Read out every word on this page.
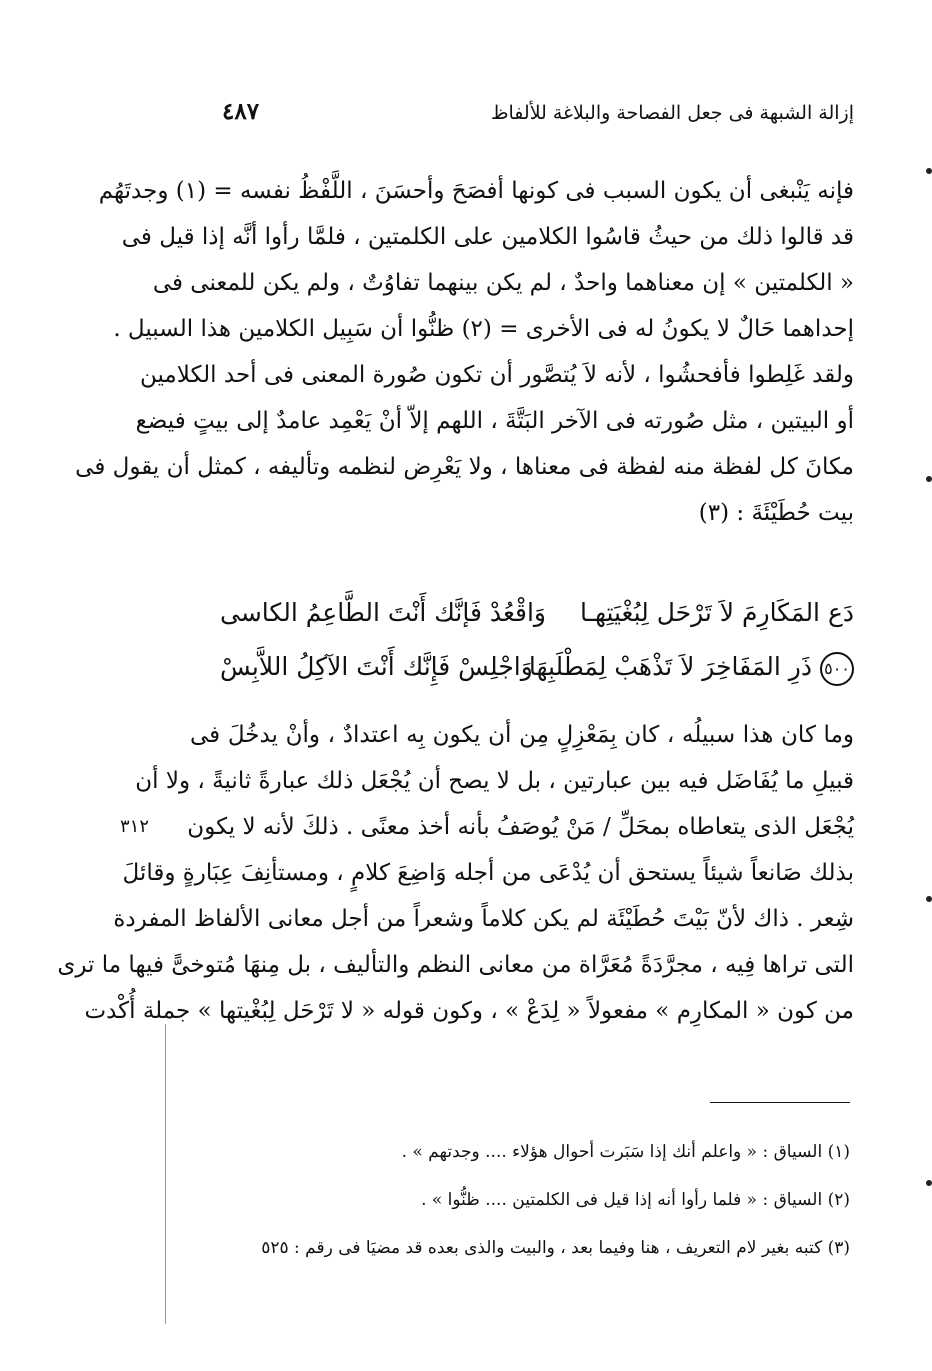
إزالة الشبهة فى جعل الفصاحة والبلاغة للألفاظ
٤٨٧
فإنه يَنْبغى أن يكون السبب فى كونها أفصَحَ وأحسَنَ ، اللَّفْظُ نفسه = (١) وجدتَهُم
قد قالوا ذلك من حيثُ قاسُوا الكلامين على الكلمتين ، فلمَّا رأوا أنَّه إذا قيل فى
« الكلمتين » إن معناهما واحدٌ ، لم يكن بينهما تفاوُتٌ ، ولم يكن للمعنى فى
إحداهما حَالٌ لا يكونُ له فى الأخرى = (٢) ظنُّوا أن سَبِيل الكلامين هذا السبيل .
ولقد غَلِطوا فأفحشُوا ، لأنه لاَ يُتصَّور أن تكون صُورة المعنى فى أحد الكلامين
أو البيتين ، مثل صُورته فى الآخر البَتَّةَ ، اللهم إلاّ أنْ يَعْمِد عامدٌ إلى بيتٍ فيضع
مكانَ كل لفظة منه لفظة فى معناها ، ولا يَعْرِض لنظمه وتأليفه ، كمثل أن يقول فى
بيت حُطَيْئَةَ : (٣)
دَع المَكَارِمَ لاَ تَرْحَل لِبُغْيَتِهـا
وَاقْعُدْ فَإنَّك أَنْتَ الطَّاعِمُ الكاسى
٥٠٠ذَرِ المَفَاخِرَ لاَ تَذْهَبْ لِمَطْلَبِهَا
وَاجْلِسْ فَإِنَّك أَنْتَ الآكِلُ اللاَّبِسْ
وما كان هذا سبيلُه ، كان بِمَعْزِلٍ مِن أن يكون بِه اعتدادٌ ، وأنْ يدخُلَ فى
قبيلِ ما يُفَاضَل فيه بين عبارتين ، بل لا يصح أن يُجْعَل ذلك عبارةً ثانيةً ، ولا أن
يُجْعَل الذى يتعاطاه بمحَلِّ / مَنْ يُوصَفُ بأنه أخذ معنًى . ذلكَ لأنه لا يكون
بذلك صَانعاً شيئاً يستحق أن يُدْعَى من أجله وَاضِعَ كلامٍ ، ومستأنِفَ عِبَارةٍ وقائلَ
شِعر . ذاك لأنّ بَيْتَ حُطَيْئَة لم يكن كلاماً وشعراً من أجل معانى الألفاظ المفردة
التى تراها فِيه ، مجرَّدَةً مُعَرَّاة من معانى النظم والتأليف ، بل مِنهَا مُتوخىًّ فيها ما ترى
من كون « المكارِم » مفعولاً « لِدَعْ » ، وكون قوله « لا تَرْحَل لِبُغْيتها » جملة أُكْدت
٣١٢
(١) السياق : « واعلم أنك إذا سَبَرت أحوال هؤلاء .... وجدتهم » .
(٢) السياق : « فلما رأوا أنه إذا قيل فى الكلمتين .... ظنُّوا » .
(٣) كتبه بغير لام التعريف ، هنا وفيما بعد ، والبيت والذى بعده قد مضيَا فى رقم : ٥٢٥
